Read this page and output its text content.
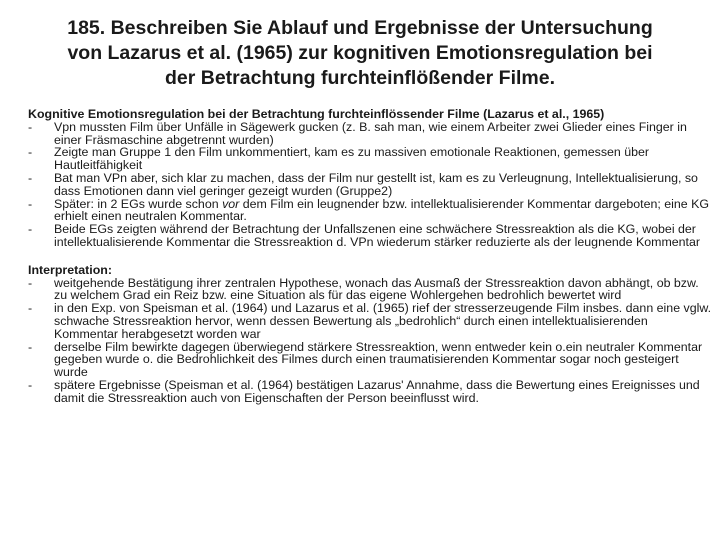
185. Beschreiben Sie Ablauf und Ergebnisse der Untersuchung
von Lazarus et al. (1965) zur kognitiven Emotionsregulation bei
der Betrachtung furchteinflößender Filme.
Kognitive Emotionsregulation bei der Betrachtung furchteinflössender Filme (Lazarus et al., 1965)
- Vpn mussten Film über Unfälle in Sägewerk gucken (z. B. sah man, wie einem Arbeiter zwei Glieder eines Finger in einer Fräsmaschine abgetrennt wurden)
- Zeigte man Gruppe 1 den Film unkommentiert, kam es zu massiven emotionale Reaktionen, gemessen über Hautleitfähigkeit
- Bat man VPn aber, sich klar zu machen, dass der Film nur gestellt ist, kam es zu Verleugnung, Intellektualisierung, so dass Emotionen dann viel geringer gezeigt wurden (Gruppe2)
- Später: in 2 EGs wurde schon vor dem Film ein leugnender bzw. intellektualisierender Kommentar dargeboten; eine KG erhielt einen neutralen Kommentar.
- Beide EGs zeigten während der Betrachtung der Unfallszenen eine schwächere Stressreaktion als die KG, wobei der intellektualisierende Kommentar die Stressreaktion d. VPn wiederum stärker reduzierte als der leugnende Kommentar
Interpretation:
- weitgehende Bestätigung ihrer zentralen Hypothese, wonach das Ausmaß der Stressreaktion davon abhängt, ob bzw. zu welchem Grad ein Reiz bzw. eine Situation als für das eigene Wohlergehen bedrohlich bewertet wird
- in den Exp. von Speisman et al. (1964) und Lazarus et al. (1965) rief der stresserzeugende Film insbes. dann eine vglw. schwache Stressreaktion hervor, wenn dessen Bewertung als „bedrohlich“ durch einen intellektualisierenden Kommentar herabgesetzt worden war
- derselbe Film bewirkte dagegen überwiegend stärkere Stressreaktion, wenn entweder kein o.ein neutraler Kommentar gegeben wurde o. die Bedrohlichkeit des Filmes durch einen traumatisierenden Kommentar sogar noch gesteigert wurde
- spätere Ergebnisse (Speisman et al. (1964) bestätigen Lazarus' Annahme, dass die Bewertung eines Ereignisses und damit die Stressreaktion auch von Eigenschaften der Person beeinflusst wird.
